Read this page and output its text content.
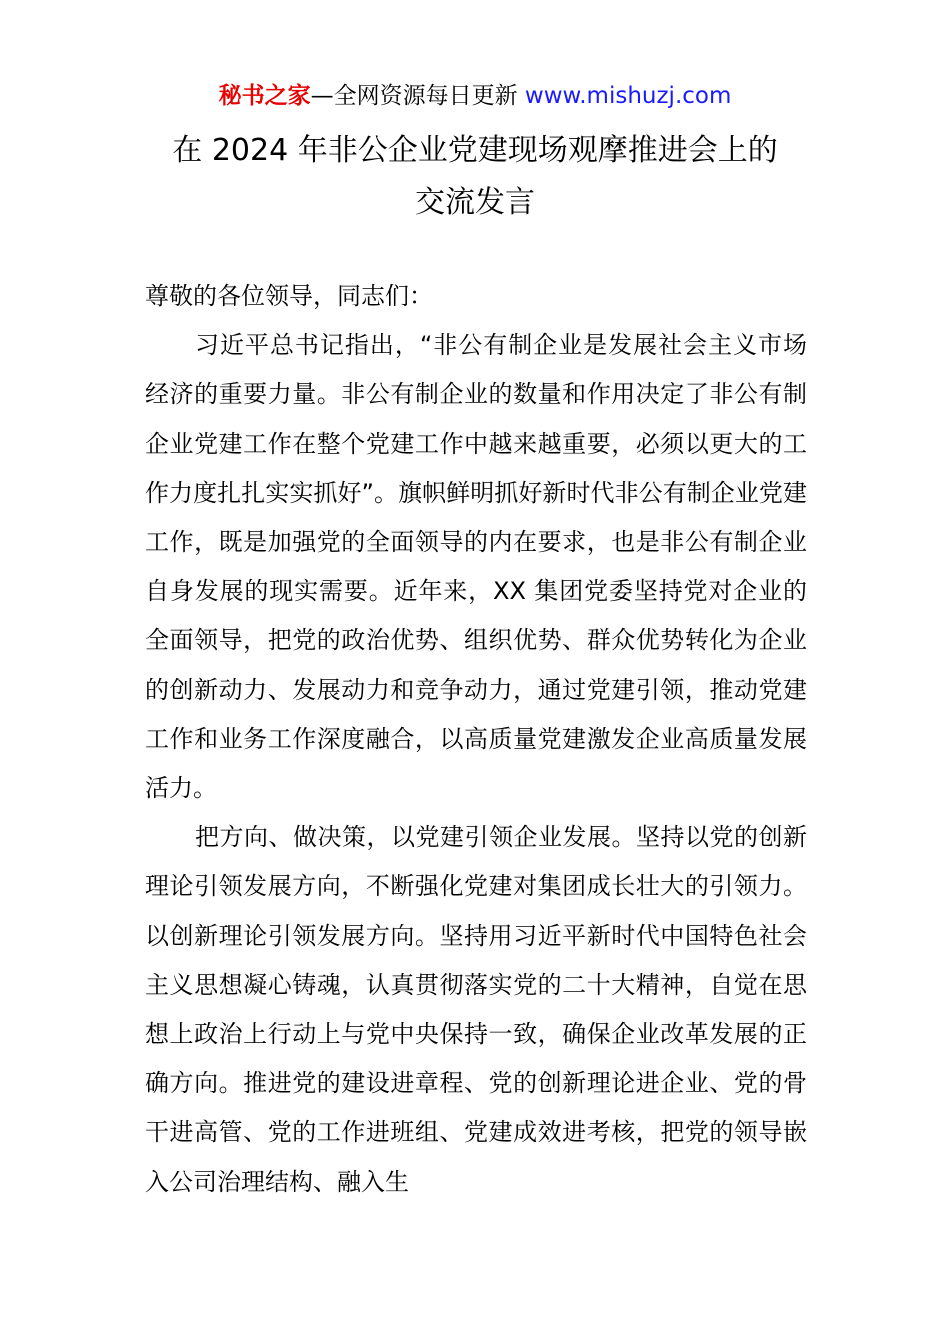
秘书之家—全网资源每日更新 www.mishuzj.com
在 2024 年非公企业党建现场观摩推进会上的
交流发言

尊敬的各位领导，同志们：

习近平总书记指出，“非公有制企业是发展社会主义市场经济的重要力量。非公有制企业的数量和作用决定了非公有制企业党建工作在整个党建工作中越来越重要，必须以更大的工作力度扎扎实实抓好”。旗帜鲜明抓好新时代非公有制企业党建工作，既是加强党的全面领导的内在要求，也是非公有制企业自身发展的现实需要。近年来，XX 集团党委坚持党对企业的全面领导，把党的政治优势、组织优势、群众优势转化为企业的创新动力、发展动力和竞争动力，通过党建引领，推动党建工作和业务工作深度融合，以高质量党建激发企业高质量发展活力。

把方向、做决策，以党建引领企业发展。坚持以党的创新理论引领发展方向，不断强化党建对集团成长壮大的引领力。以创新理论引领发展方向。坚持用习近平新时代中国特色社会主义思想凝心铸魂，认真贯彻落实党的二十大精神，自觉在思想上政治上行动上与党中央保持一致，确保企业改革发展的正确方向。推进党的建设进章程、党的创新理论进企业、党的骨干进高管、党的工作进班组、党建成效进考核，把党的领导嵌入公司治理结构、融入生
